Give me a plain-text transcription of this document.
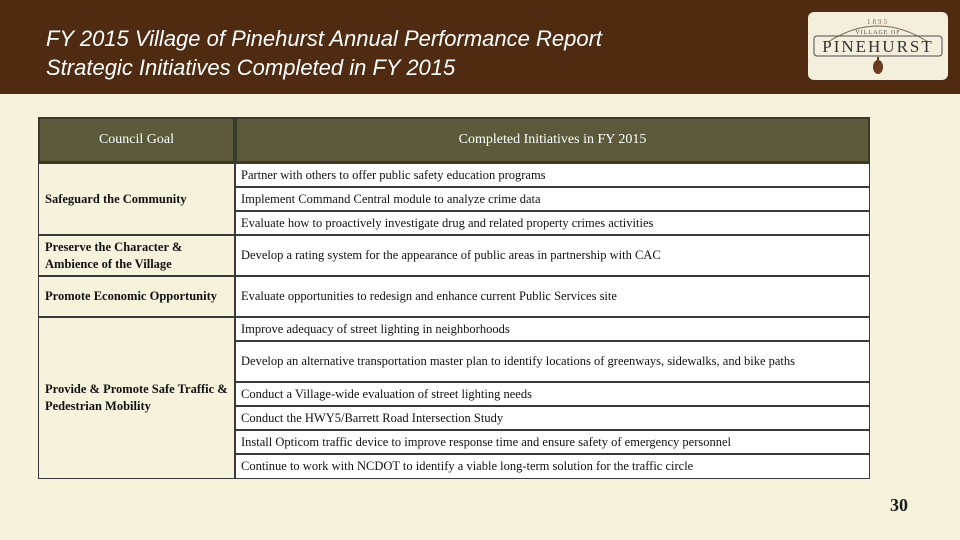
FY 2015 Village of Pinehurst Annual Performance Report
Strategic Initiatives Completed in FY 2015
1895
VILLAGE OF
PINEHURST
Council Goal	Completed Initiatives in FY 2015
Safeguard the Community
Preserve the Character & Ambience of the Village
Promote Economic Opportunity
Provide & Promote Safe Traffic & Pedestrian Mobility
Partner with others to offer public safety education programs
Implement Command Central module to analyze crime data
Evaluate how to proactively investigate drug and related property crimes activities
Develop a rating system for the appearance of public areas in partnership with CAC
Evaluate opportunities to redesign and enhance current Public Services site
Improve adequacy of street lighting in neighborhoods
Develop an alternative transportation master plan to identify locations of greenways, sidewalks, and bike paths
Conduct a Village-wide evaluation of street lighting needs
Conduct the HWY5/Barrett Road Intersection Study
Install Opticom traffic device to improve response time and ensure safety of emergency personnel
Continue to work with NCDOT to identify a viable long-term solution for the traffic circle
30
